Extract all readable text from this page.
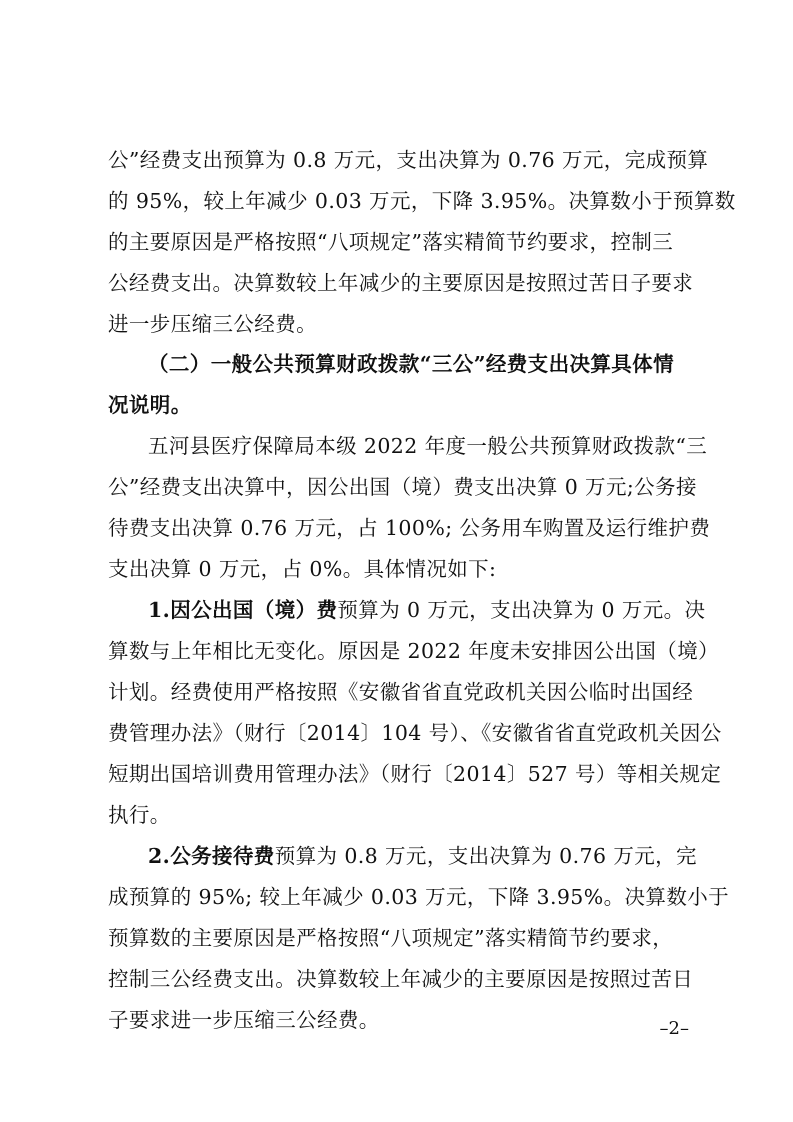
公”经费支出预算为 0.8 万元，支出决算为 0.76 万元，完成预算
的 95%，较上年减少 0.03 万元，下降 3.95%。决算数小于预算数
的主要原因是严格按照“八项规定”落实精简节约要求，控制三
公经费支出。决算数较上年减少的主要原因是按照过苦日子要求
进一步压缩三公经费。
（二）一般公共预算财政拨款“三公”经费支出决算具体情
况说明。
五河县医疗保障局本级 2022 年度一般公共预算财政拨款“三
公”经费支出决算中，因公出国（境）费支出决算 0 万元;公务接
待费支出决算 0.76 万元，占 100%; 公务用车购置及运行维护费
支出决算 0 万元，占 0%。具体情况如下:
1.因公出国（境）费预算为 0 万元，支出决算为 0 万元。决
算数与上年相比无变化。原因是 2022 年度未安排因公出国（境）
计划。经费使用严格按照《安徽省省直党政机关因公临时出国经
费管理办法》（财行〔2014〕104 号）、《安徽省省直党政机关因公
短期出国培训费用管理办法》（财行〔2014〕527 号）等相关规定
执行。
2.公务接待费预算为 0.8 万元，支出决算为 0.76 万元，完
成预算的 95%; 较上年减少 0.03 万元，下降 3.95%。决算数小于
预算数的主要原因是严格按照“八项规定”落实精简节约要求，
控制三公经费支出。决算数较上年减少的主要原因是按照过苦日
子要求进一步压缩三公经费。	–2–
